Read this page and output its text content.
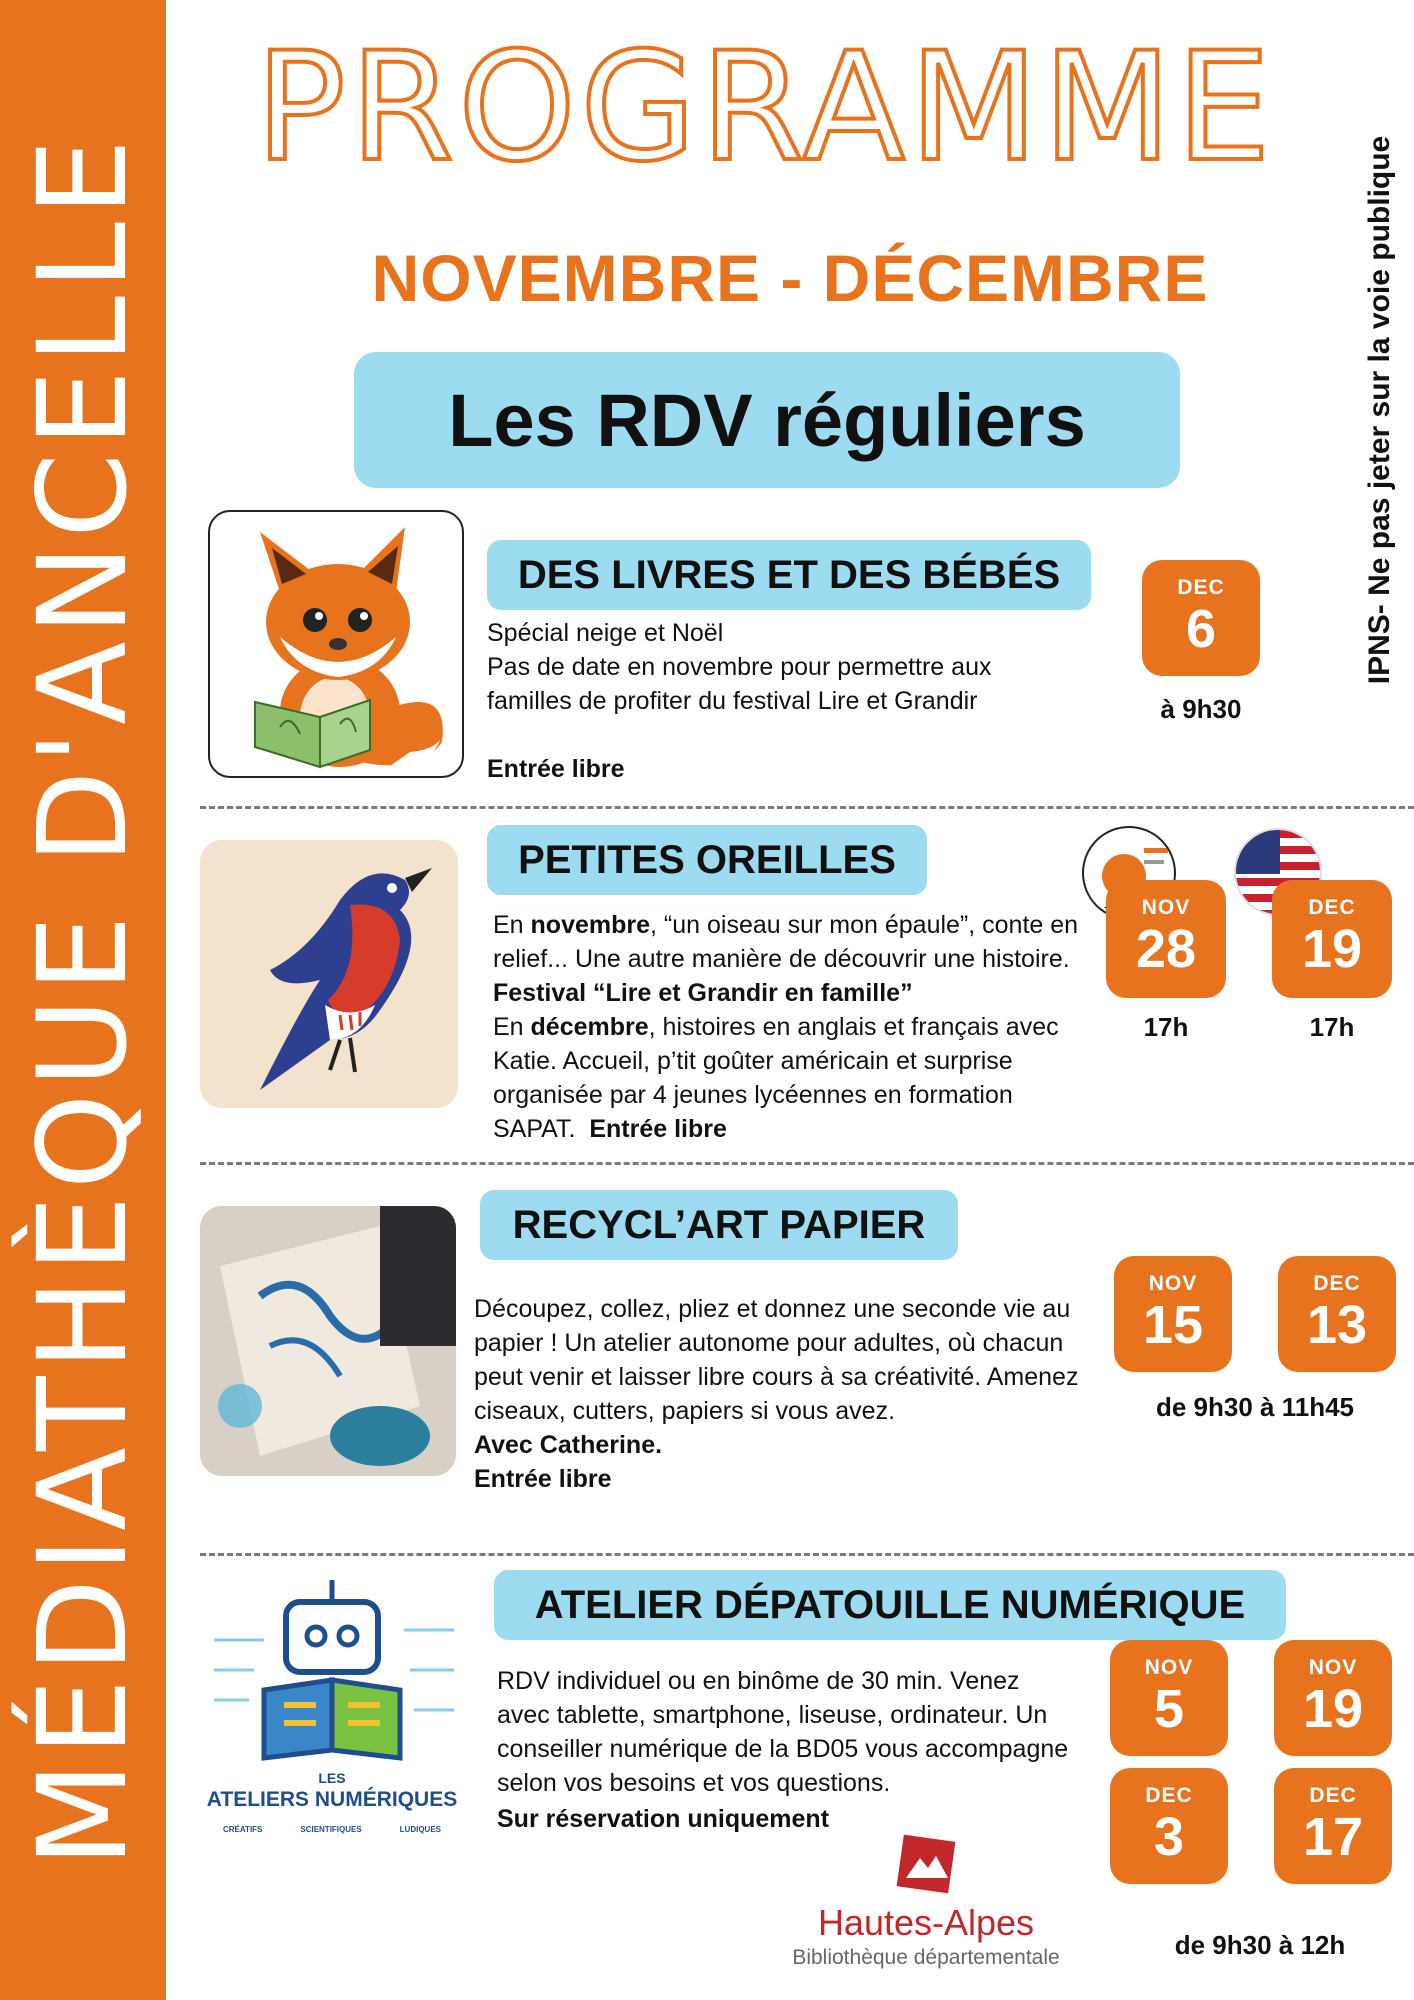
MÉDIATHÈQUE D'ANCELLE	IPNS- Ne pas jeter sur la voie publique
PROGRAMME
NOVEMBRE - DÉCEMBRE
Les RDV réguliers
DES LIVRES ET DES BÉBÉS
Spécial neige et Noël
Pas de date en novembre pour permettre aux
familles de profiter du festival Lire et Grandir
Entrée libre
DEC
6
à 9h30
PETITES OREILLES
En novembre, “un oiseau sur mon épaule”, conte en relief... Une autre manière de découvrir une histoire. Festival “Lire et Grandir en famille”
En décembre, histoires en anglais et français avec Katie. Accueil, p’tit goûter américain et surprise organisée par 4 jeunes lycéennes en formation SAPAT. Entrée libre
NOV
28
DEC
19
17h	17h
RECYCL’ART PAPIER
Découpez, collez, pliez et donnez une seconde vie au papier ! Un atelier autonome pour adultes, où chacun peut venir et laisser libre cours à sa créativité. Amenez ciseaux, cutters, papiers si vous avez.
Avec Catherine.
Entrée libre
NOV
15
DEC
13
de 9h30 à 11h45
LES
ATELIERS NUMÉRIQUES
CRÉATIFS	SCIENTIFIQUES	LUDIQUES
ATELIER DÉPATOUILLE NUMÉRIQUE
RDV individuel ou en binôme de 30 min. Venez avec tablette, smartphone, liseuse, ordinateur. Un conseiller numérique de la BD05 vous accompagne selon vos besoins et vos questions.
Sur réservation uniquement
NOV
5
NOV
19
DEC
3
DEC
17
de 9h30 à 12h
Hautes-Alpes
Bibliothèque départementale
